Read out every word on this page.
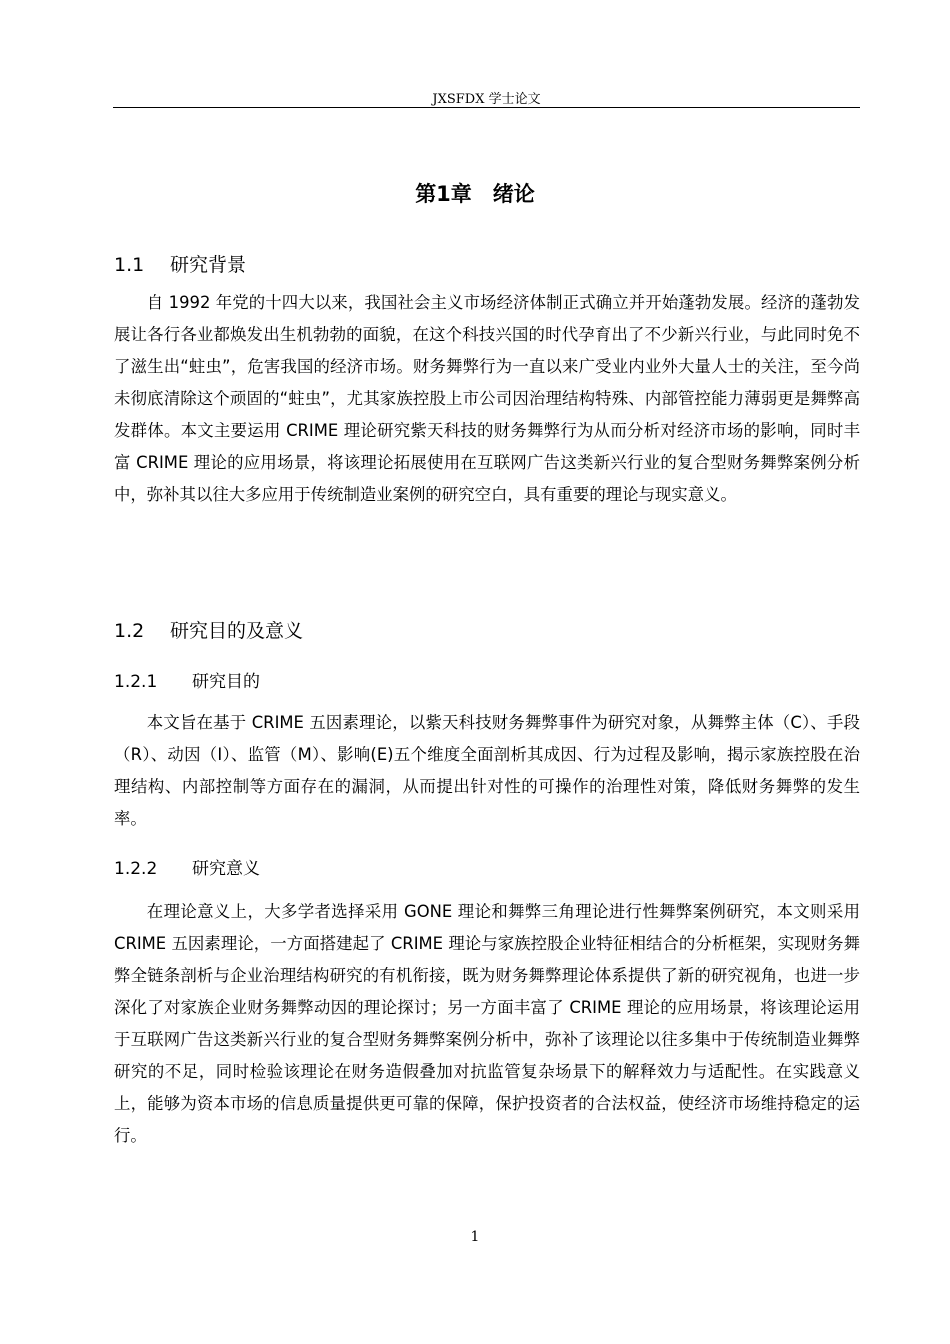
JXSFDX 学士论文
第1章　绪论
1.1 研究背景

自 1992 年党的十四大以来，我国社会主义市场经济体制正式确立并开始蓬勃发展。经济的蓬勃发展让各行各业都焕发出生机勃勃的面貌，在这个科技兴国的时代孕育出了不少新兴行业，与此同时免不了滋生出“蛀虫”，危害我国的经济市场。财务舞弊行为一直以来广受业内业外大量人士的关注，至今尚未彻底清除这个顽固的“蛀虫”，尤其家族控股上市公司因治理结构特殊、内部管控能力薄弱更是舞弊高发群体。本文主要运用 CRIME 理论研究紫天科技的财务舞弊行为从而分析对经济市场的影响，同时丰富 CRIME 理论的应用场景，将该理论拓展使用在互联网广告这类新兴行业的复合型财务舞弊案例分析中，弥补其以往大多应用于传统制造业案例的研究空白，具有重要的理论与现实意义。

1.2 研究目的及意义
1.2.1 研究目的

本文旨在基于 CRIME 五因素理论，以紫天科技财务舞弊事件为研究对象，从舞弊主体（C）、手段（R）、动因（I）、监管（M）、影响(E)五个维度全面剖析其成因、行为过程及影响，揭示家族控股在治理结构、内部控制等方面存在的漏洞，从而提出针对性的可操作的治理性对策，降低财务舞弊的发生率。

1.2.2 研究意义

在理论意义上，大多学者选择采用 GONE 理论和舞弊三角理论进行性舞弊案例研究，本文则采用 CRIME 五因素理论，一方面搭建起了 CRIME 理论与家族控股企业特征相结合的分析框架，实现财务舞弊全链条剖析与企业治理结构研究的有机衔接，既为财务舞弊理论体系提供了新的研究视角，也进一步深化了对家族企业财务舞弊动因的理论探讨；另一方面丰富了 CRIME 理论的应用场景，将该理论运用于互联网广告这类新兴行业的复合型财务舞弊案例分析中，弥补了该理论以往多集中于传统制造业舞弊研究的不足，同时检验该理论在财务造假叠加对抗监管复杂场景下的解释效力与适配性。在实践意义上，能够为资本市场的信息质量提供更可靠的保障，保护投资者的合法权益，使经济市场维持稳定的运行。

1
